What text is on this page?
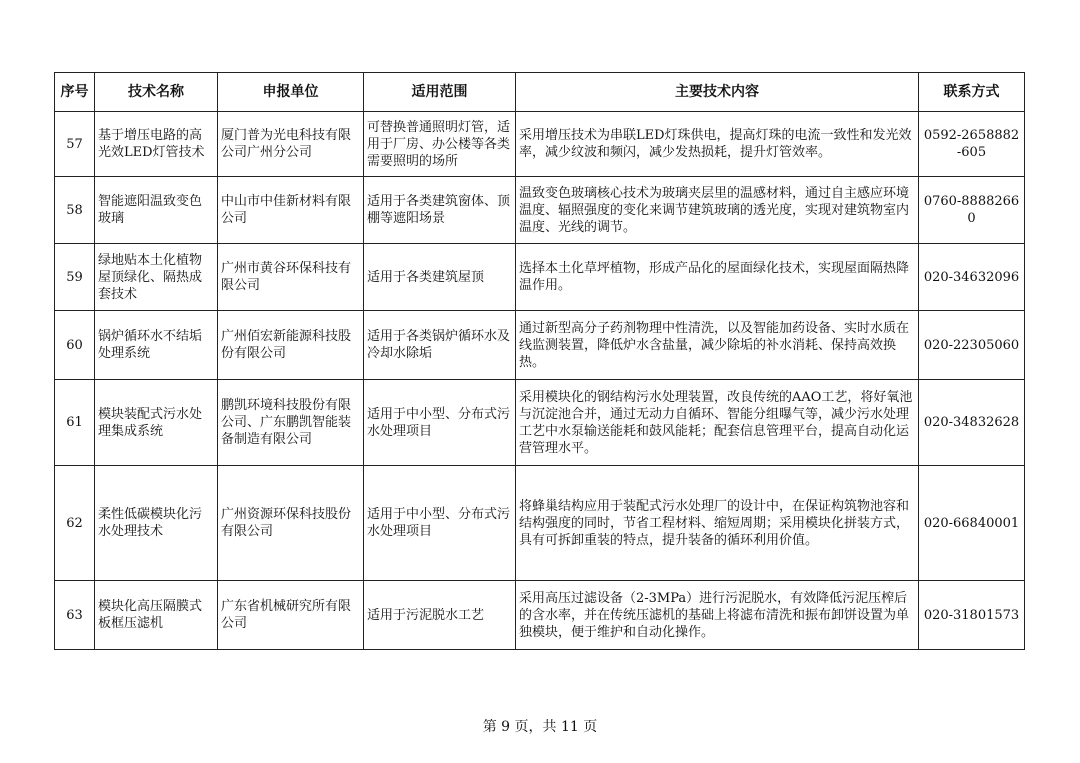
序号	技术名称	申报单位	适用范围	主要技术内容	联系方式
57	基于增压电路的高光效LED灯管技术	厦门普为光电科技有限公司广州分公司	可替换普通照明灯管，适用于厂房、办公楼等各类需要照明的场所	采用增压技术为串联LED灯珠供电，提高灯珠的电流一致性和发光效率，减少纹波和频闪，减少发热损耗，提升灯管效率。	0592-2658882-605
58	智能遮阳温致变色玻璃	中山市中佳新材料有限公司	适用于各类建筑窗体、顶棚等遮阳场景	温致变色玻璃核心技术为玻璃夹层里的温感材料，通过自主感应环境温度、辐照强度的变化来调节建筑玻璃的透光度，实现对建筑物室内温度、光线的调节。	0760-88882660
59	绿地贴本土化植物屋顶绿化、隔热成套技术	广州市黄谷环保科技有限公司	适用于各类建筑屋顶	选择本土化草坪植物，形成产品化的屋面绿化技术，实现屋面隔热降温作用。	020-34632096
60	锅炉循环水不结垢处理系统	广州佰宏新能源科技股份有限公司	适用于各类锅炉循环水及冷却水除垢	通过新型高分子药剂物理中性清洗，以及智能加药设备、实时水质在线监测装置，降低炉水含盐量，减少除垢的补水消耗、保持高效换热。	020-22305060
61	模块装配式污水处理集成系统	鹏凯环境科技股份有限公司、广东鹏凯智能装备制造有限公司	适用于中小型、分布式污水处理项目	采用模块化的钢结构污水处理装置，改良传统的AAO工艺，将好氧池与沉淀池合并，通过无动力自循环、智能分组曝气等，减少污水处理工艺中水泵输送能耗和鼓风能耗；配套信息管理平台，提高自动化运营管理水平。	020-34832628
62	柔性低碳模块化污水处理技术	广州资源环保科技股份有限公司	适用于中小型、分布式污水处理项目	将蜂巢结构应用于装配式污水处理厂的设计中，在保证构筑物池容和结构强度的同时，节省工程材料、缩短周期；采用模块化拼装方式，具有可拆卸重装的特点，提升装备的循环利用价值。	020-66840001
63	模块化高压隔膜式板框压滤机	广东省机械研究所有限公司	适用于污泥脱水工艺	采用高压过滤设备（2-3MPa）进行污泥脱水，有效降低污泥压榨后的含水率，并在传统压滤机的基础上将滤布清洗和振布卸饼设置为单独模块，便于维护和自动化操作。	020-31801573
第 9 页，共 11 页
